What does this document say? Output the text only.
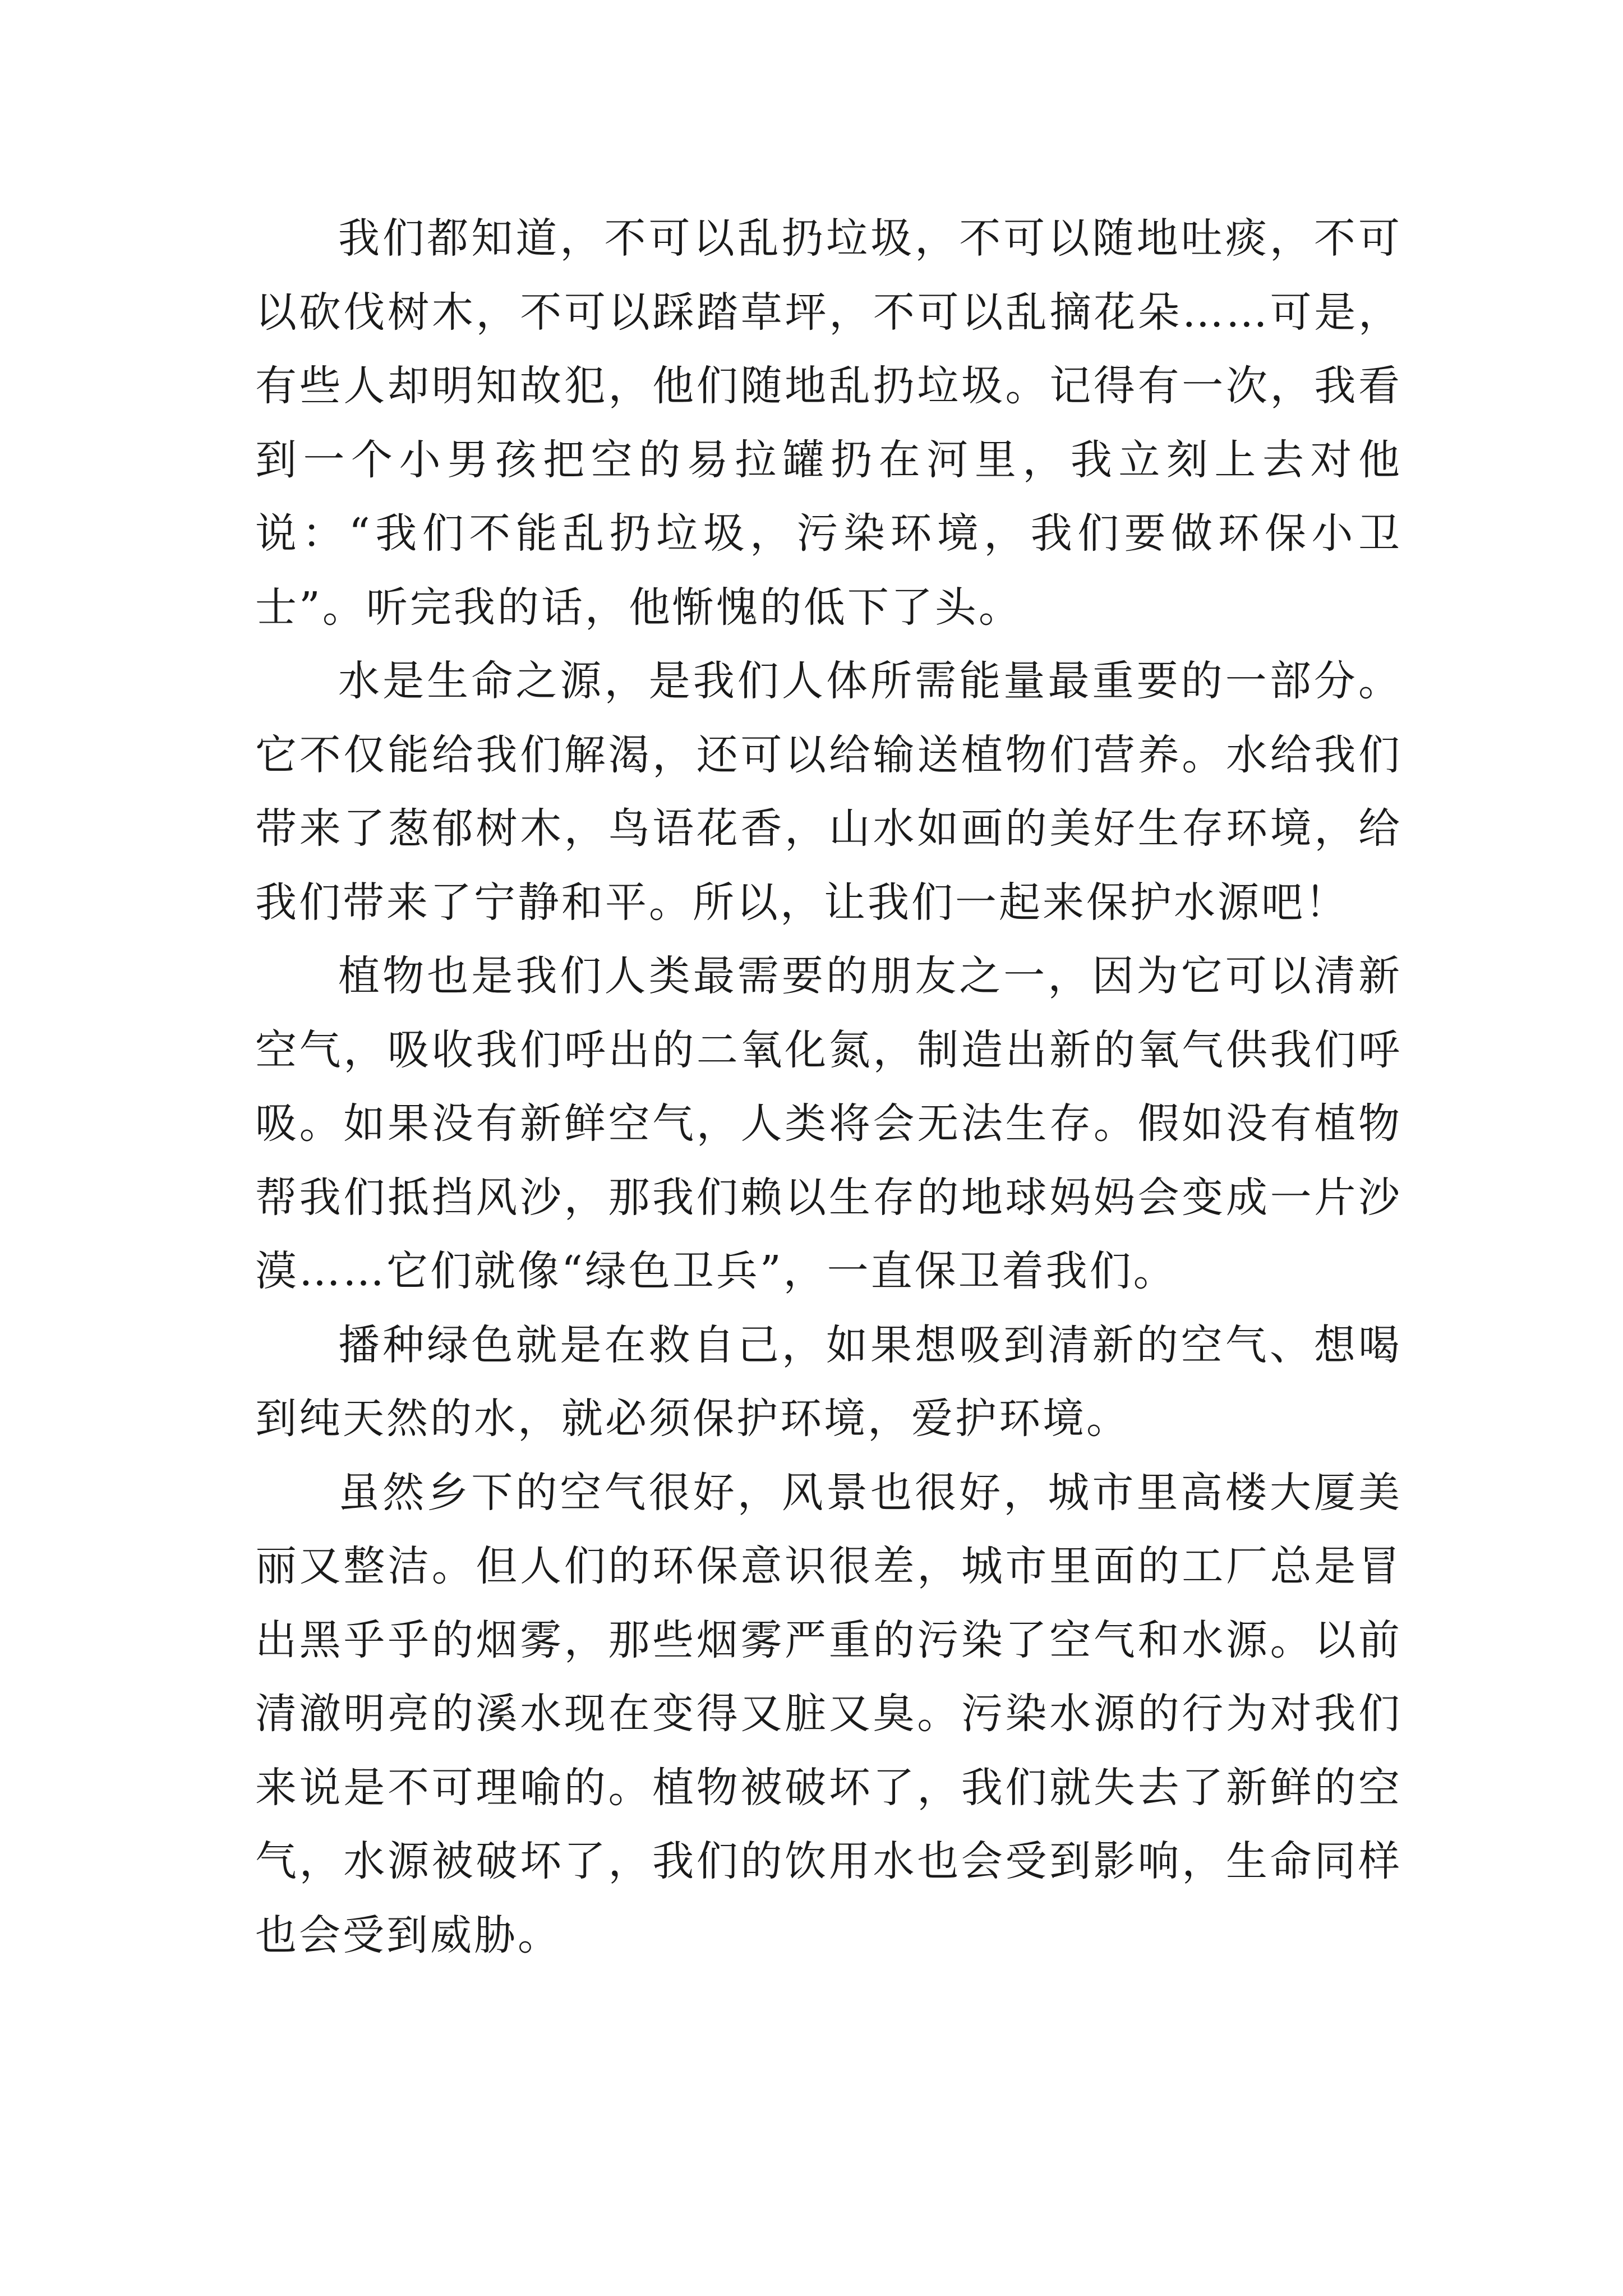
我们都知道，不可以乱扔垃圾，不可以随地吐痰，不可以砍伐树木，不可以踩踏草坪，不可以乱摘花朵……可是，有些人却明知故犯，他们随地乱扔垃圾。记得有一次，我看到一个小男孩把空的易拉罐扔在河里，我立刻上去对他说：“我们不能乱扔垃圾，污染环境，我们要做环保小卫士”。听完我的话，他惭愧的低下了头。

水是生命之源，是我们人体所需能量最重要的一部分。它不仅能给我们解渴，还可以给输送植物们营养。水给我们带来了葱郁树木，鸟语花香，山水如画的美好生存环境，给我们带来了宁静和平。所以，让我们一起来保护水源吧！

植物也是我们人类最需要的朋友之一，因为它可以清新空气，吸收我们呼出的二氧化氮，制造出新的氧气供我们呼吸。如果没有新鲜空气，人类将会无法生存。假如没有植物帮我们抵挡风沙，那我们赖以生存的地球妈妈会变成一片沙漠……它们就像“绿色卫兵”，一直保卫着我们。

播种绿色就是在救自己，如果想吸到清新的空气、想喝到纯天然的水，就必须保护环境，爱护环境。

虽然乡下的空气很好，风景也很好，城市里高楼大厦美丽又整洁。但人们的环保意识很差，城市里面的工厂总是冒出黑乎乎的烟雾，那些烟雾严重的污染了空气和水源。以前清澈明亮的溪水现在变得又脏又臭。污染水源的行为对我们来说是不可理喻的。植物被破坏了，我们就失去了新鲜的空气，水源被破坏了，我们的饮用水也会受到影响，生命同样也会受到威胁。
